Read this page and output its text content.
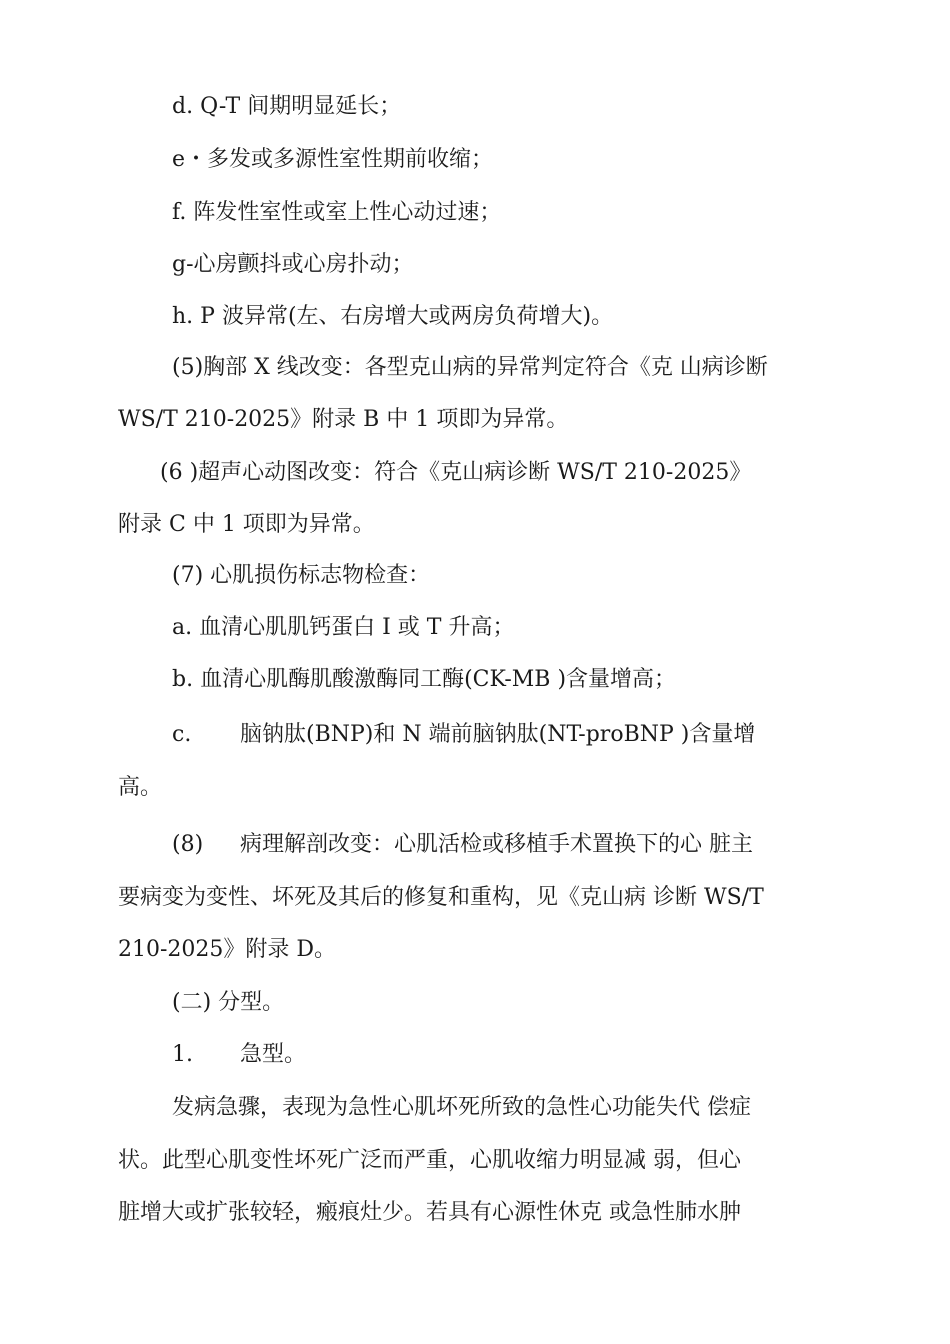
d. Q-T 间期明显延长；
e・多发或多源性室性期前收缩；
f. 阵发性室性或室上性心动过速；
g-心房颤抖或心房扑动；
h. P 波异常(左、右房增大或两房负荷增大)。
(5)胸部 X 线改变：各型克山病的异常判定符合《克 山病诊断
WS/T 210-2025》附录 B 中 1 项即为异常。
(6 )超声心动图改变：符合《克山病诊断 WS/T 210-2025》
附录 C 中 1 项即为异常。
(7) 心肌损伤标志物检查：
a. 血清心肌肌钙蛋白 I 或 T 升高；
b. 血清心肌酶肌酸激酶同工酶(CK-MB )含量增高；
c. 脑钠肽(BNP)和 N 端前脑钠肽(NT-proBNP )含量增
高。
(8) 病理解剖改变：心肌活检或移植手术置换下的心 脏主
要病变为变性、坏死及其后的修复和重构，见《克山病 诊断 WS/T
210-2025》附录 D。
(二) 分型。
1. 急型。
发病急骤，表现为急性心肌坏死所致的急性心功能失代 偿症
状。此型心肌变性坏死广泛而严重，心肌收缩力明显减 弱，但心
脏增大或扩张较轻，瘢痕灶少。若具有心源性休克 或急性肺水肿
